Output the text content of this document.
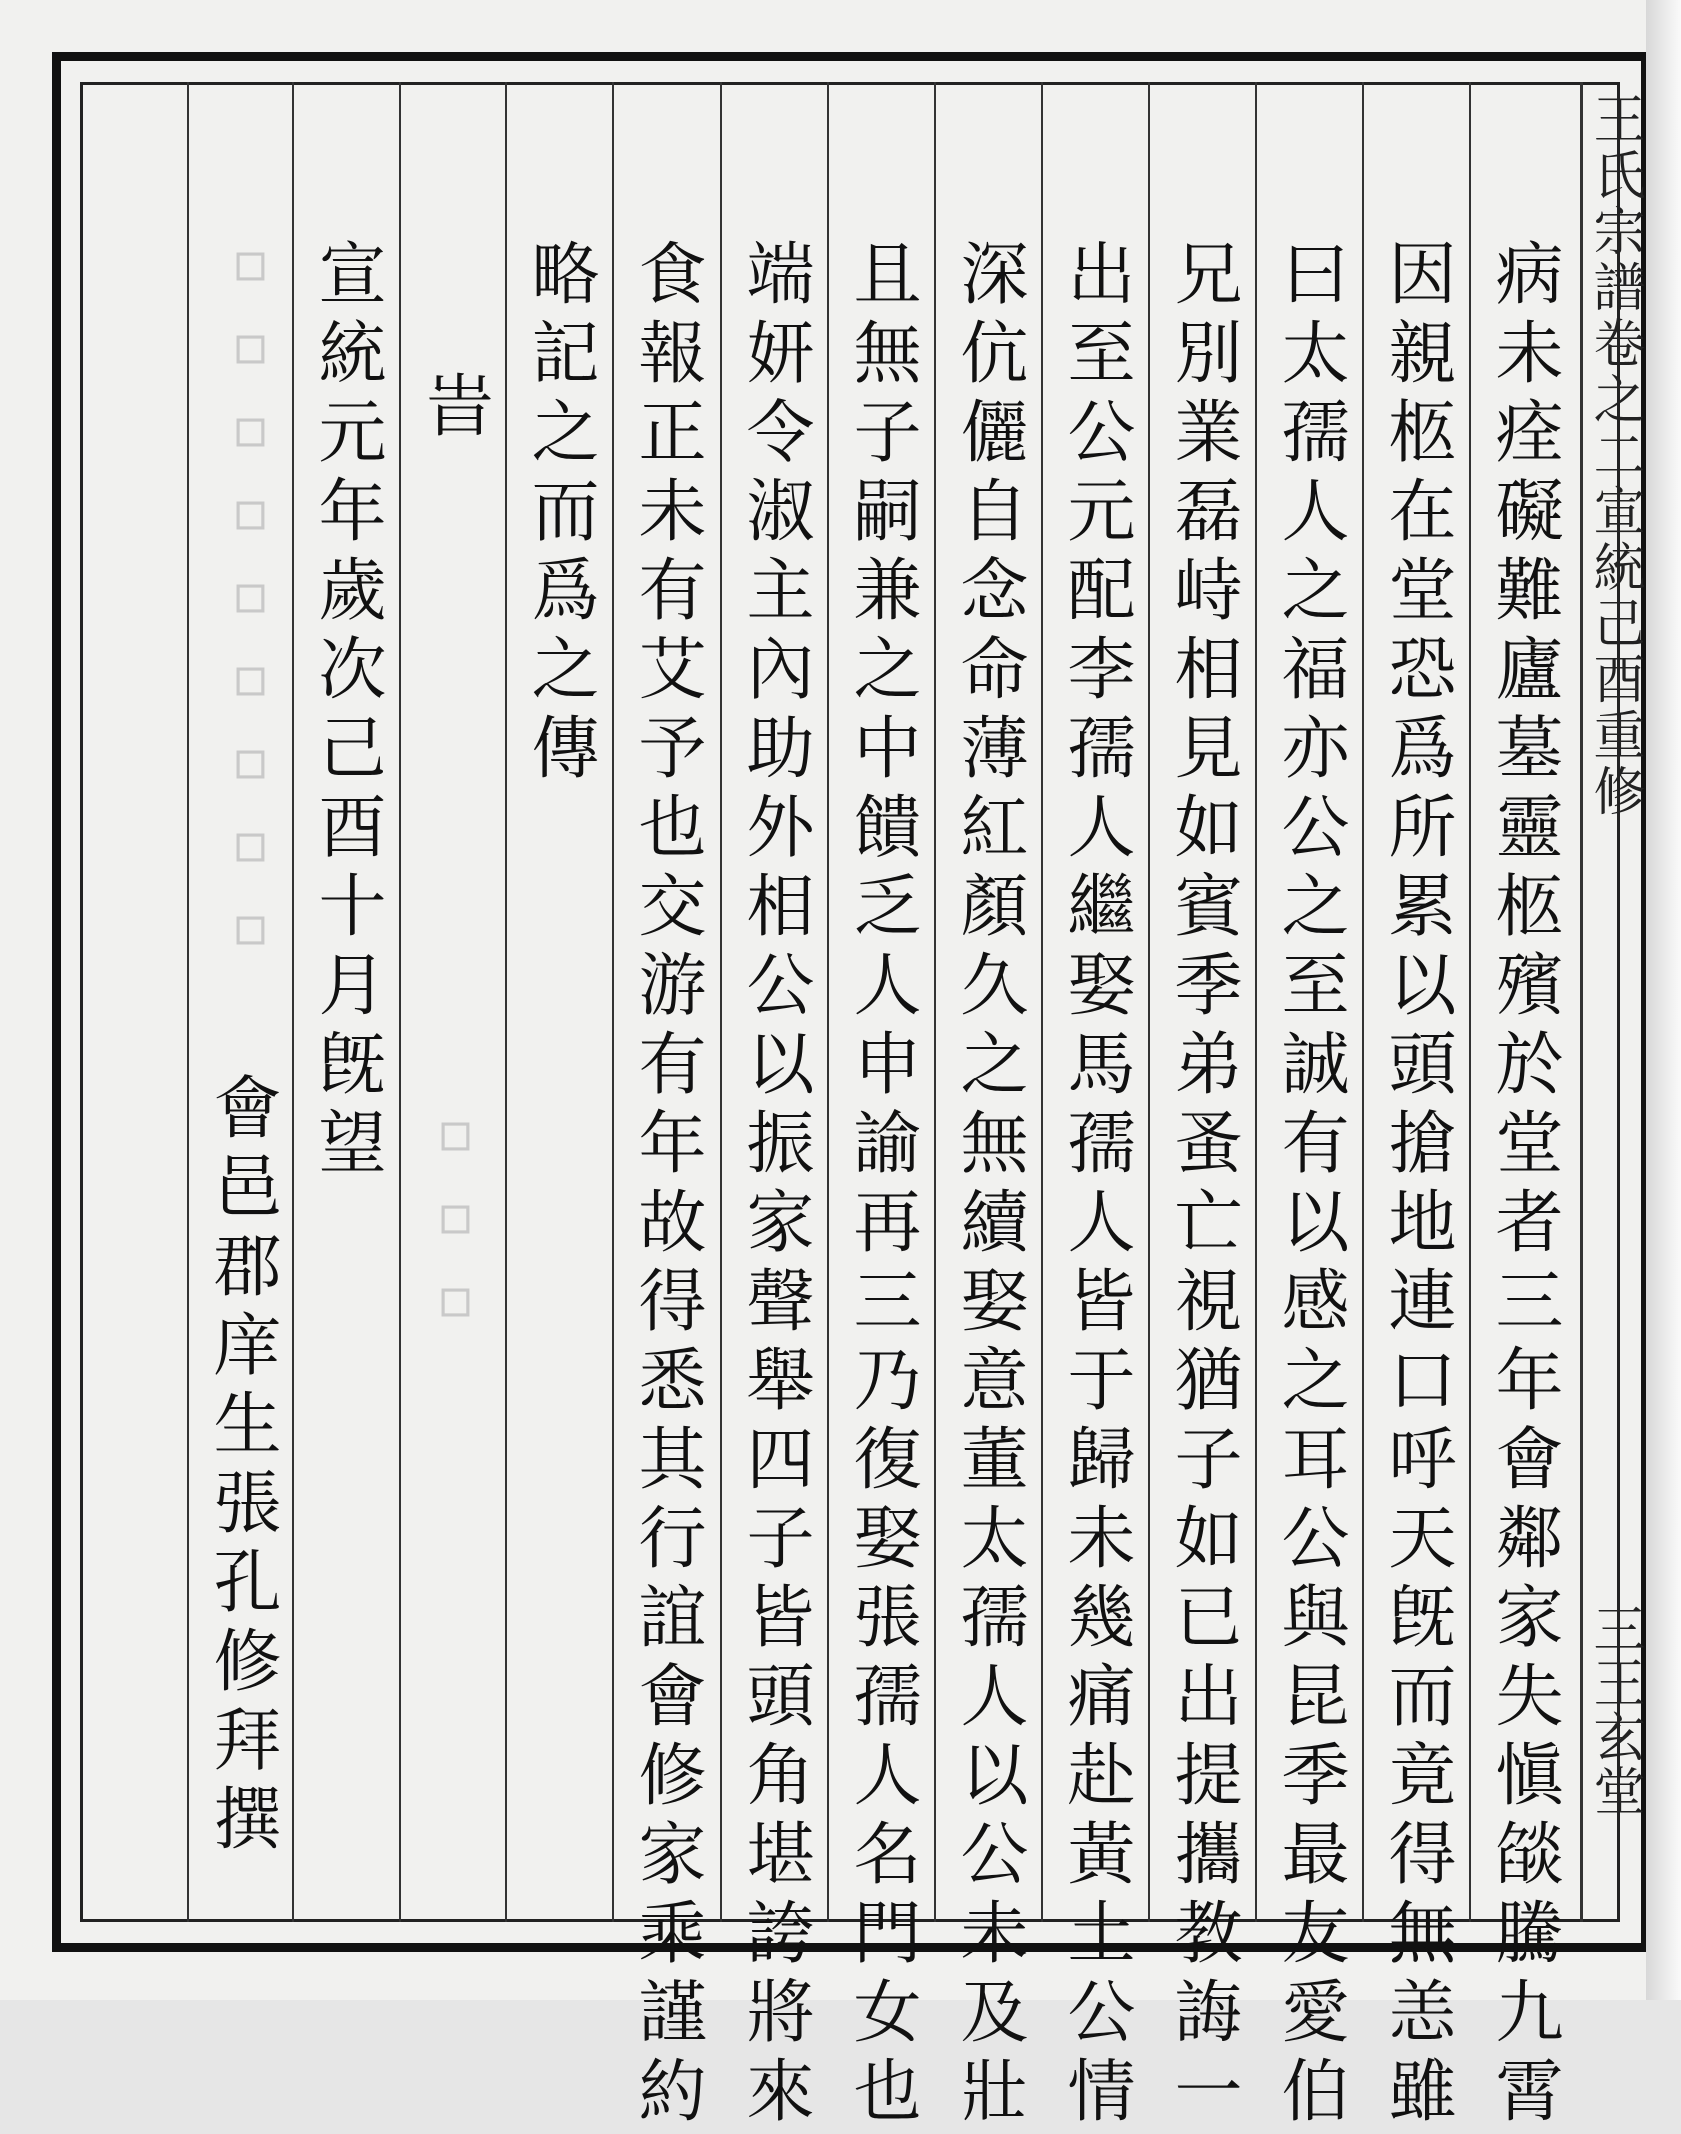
病未痊礙難廬墓靈柩殯於堂者三年會鄰家失愼燄騰九霄
因親柩在堂恐爲所累以頭搶地連口呼天旣而竟得無恙雖
曰太孺人之福亦公之至誠有以感之耳公與昆季最友愛伯
兄別業磊峙相見如賓季弟蚤亡視猶子如已出提攜教誨一
出至公元配李孺人繼娶馬孺人皆于歸未幾痛赴黃土公情
深伉儷自念命薄紅顏久之無續娶意董太孺人以公未及壯
且無子嗣兼之中饋乏人申諭再三乃復娶張孺人名門女也
端妍令淑主內助外相公以振家聲舉四子皆頭角堪誇將來
食報正未有艾予也交游有年故得悉其行誼會修家乘謹約
略記之而爲之傳
旹
宣統元年歲次己酉十月旣望
會邑郡庠生張孔修拜撰
▫▫▫▫▫▫▫▫▫
▫▫▫
王氏宗譜卷之二宣統己酉重修
三王玄堂
